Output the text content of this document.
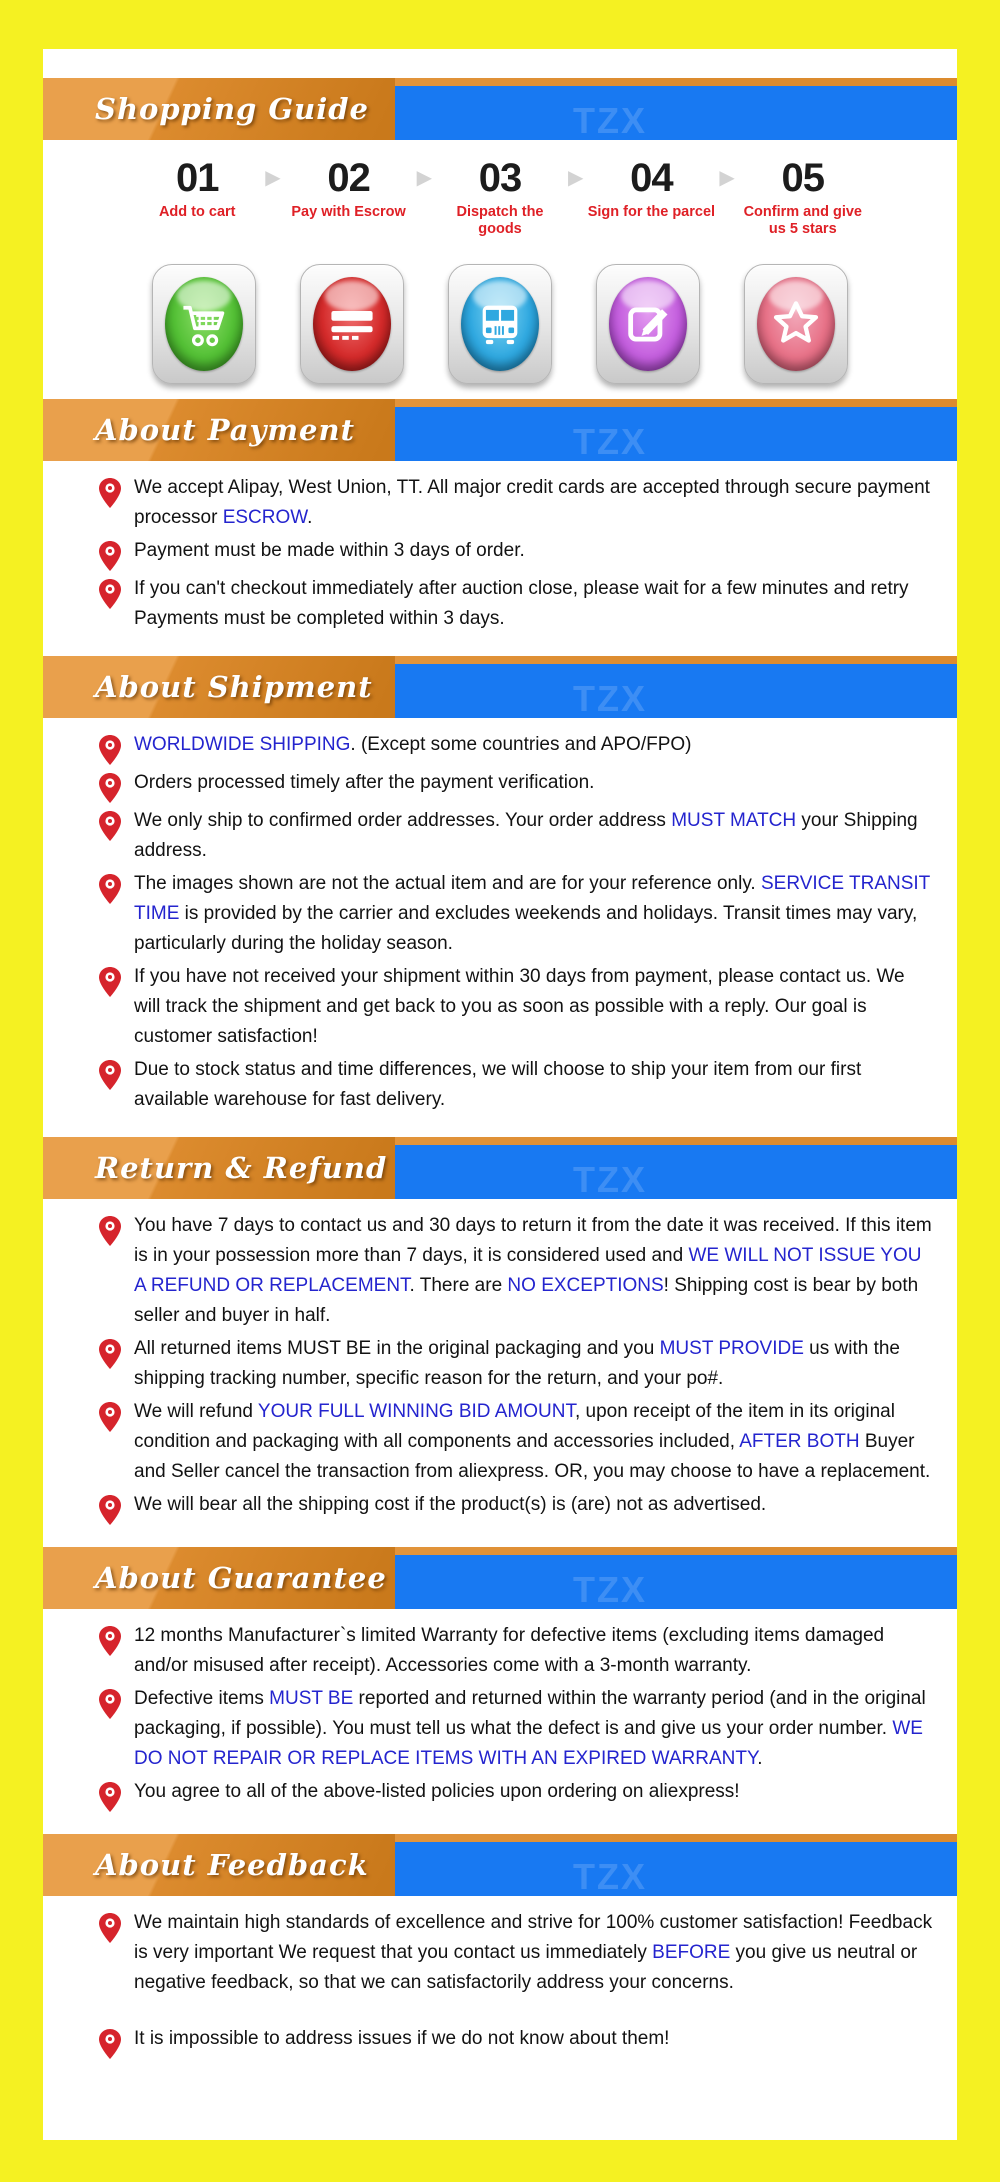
Shopping Guide	TZX
01
Add to cart
▶	02
Pay with Escrow
▶	03
Dispatch the goods
▶	04
Sign for the parcel
▶	05
Confirm and give us 5 stars
About Payment	TZX

We accept Alipay, West Union, TT. All major credit cards are accepted through secure payment processor ESCROW.

Payment must be made within 3 days of order.

If you can't checkout immediately after auction close, please wait for a few minutes and retry Payments must be completed within 3 days.

About Shipment	TZX

WORLDWIDE SHIPPING. (Except some countries and APO/FPO)

Orders processed timely after the payment verification.

We only ship to confirmed order addresses. Your order address MUST MATCH your Shipping address.

The images shown are not the actual item and are for your reference only. SERVICE TRANSIT TIME is provided by the carrier and excludes weekends and holidays. Transit times may vary, particularly during the holiday season.

If you have not received your shipment within 30 days from payment, please contact us. We will track the shipment and get back to you as soon as possible with a reply. Our goal is customer satisfaction!

Due to stock status and time differences, we will choose to ship your item from our first available warehouse for fast delivery.

Return & Refund	TZX

You have 7 days to contact us and 30 days to return it from the date it was received. If this item is in your possession more than 7 days, it is considered used and WE WILL NOT ISSUE YOU A REFUND OR REPLACEMENT. There are NO EXCEPTIONS! Shipping cost is bear by both seller and buyer in half.

All returned items MUST BE in the original packaging and you MUST PROVIDE us with the shipping tracking number, specific reason for the return, and your po#.

We will refund YOUR FULL WINNING BID AMOUNT, upon receipt of the item in its original condition and packaging with all components and accessories included, AFTER BOTH Buyer and Seller cancel the transaction from aliexpress. OR, you may choose to have a replacement.

We will bear all the shipping cost if the product(s) is (are) not as advertised.

About Guarantee	TZX

12 months Manufacturer`s limited Warranty for defective items (excluding items damaged and/or misused after receipt). Accessories come with a 3-month warranty.

Defective items MUST BE reported and returned within the warranty period (and in the original packaging, if possible). You must tell us what the defect is and give us your order number. WE DO NOT REPAIR OR REPLACE ITEMS WITH AN EXPIRED WARRANTY.

You agree to all of the above-listed policies upon ordering on aliexpress!

About Feedback	TZX

We maintain high standards of excellence and strive for 100% customer satisfaction! Feedback is very important We request that you contact us immediately BEFORE you give us neutral or negative feedback, so that we can satisfactorily address your concerns.

It is impossible to address issues if we do not know about them!
